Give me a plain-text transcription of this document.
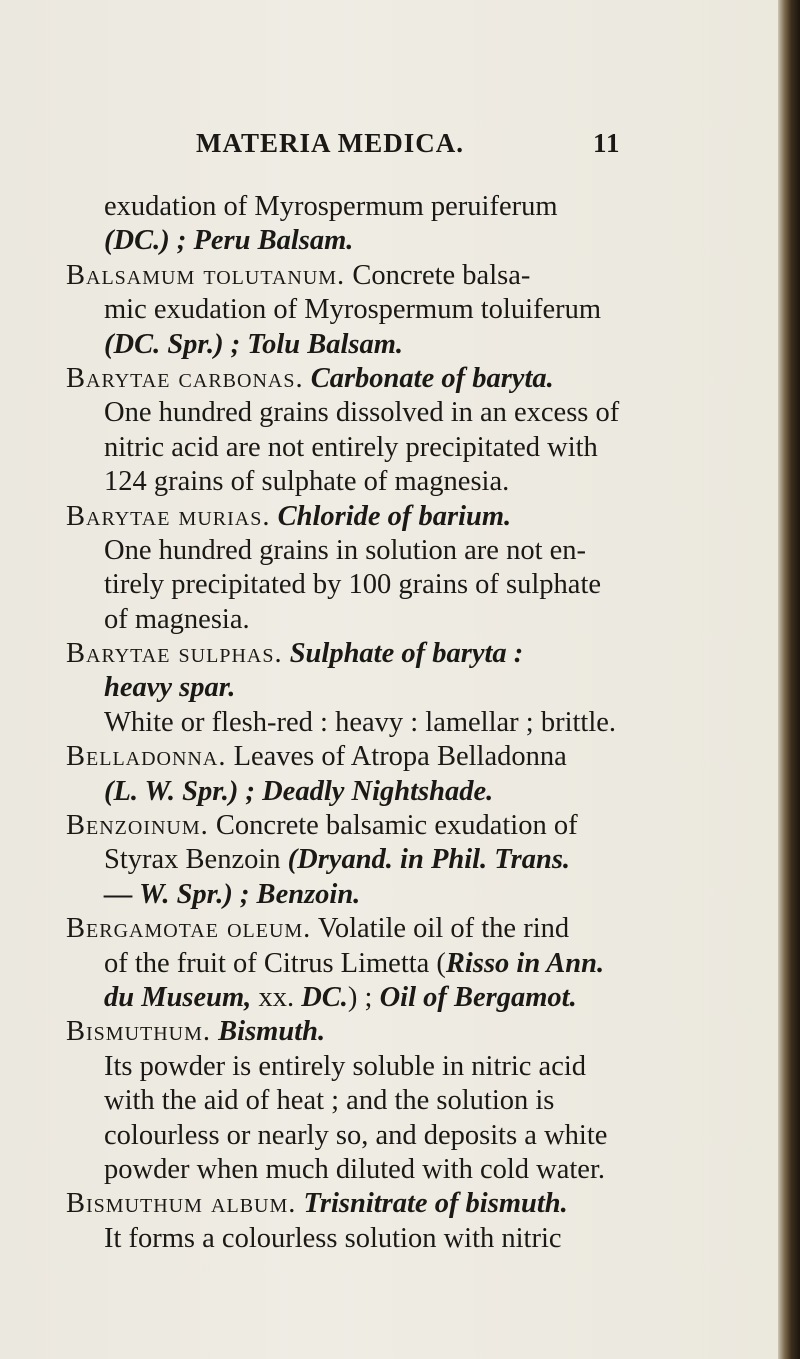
MATERIA MEDICA.	11
exudation of Myrospermum peruiferum
(DC.) ; Peru Balsam.
Balsamum tolutanum. Concrete balsa-
mic exudation of Myrospermum toluiferum
(DC. Spr.) ; Tolu Balsam.
Barytae carbonas. Carbonate of baryta.
One hundred grains dissolved in an excess of
nitric acid are not entirely precipitated with
124 grains of sulphate of magnesia.
Barytae murias. Chloride of barium.
One hundred grains in solution are not en-
tirely precipitated by 100 grains of sulphate
of magnesia.
Barytae sulphas. Sulphate of baryta :
heavy spar.
White or flesh-red : heavy : lamellar ; brittle.
Belladonna. Leaves of Atropa Belladonna
(L. W. Spr.) ; Deadly Nightshade.
Benzoinum. Concrete balsamic exudation of
Styrax Benzoin (Dryand. in Phil. Trans.
— W. Spr.) ; Benzoin.
Bergamotae oleum. Volatile oil of the rind
of the fruit of Citrus Limetta (Risso in Ann.
du Museum, xx. DC.) ; Oil of Bergamot.
Bismuthum. Bismuth.
Its powder is entirely soluble in nitric acid
with the aid of heat ; and the solution is
colourless or nearly so, and deposits a white
powder when much diluted with cold water.
Bismuthum album. Trisnitrate of bismuth.
It forms a colourless solution with nitric
